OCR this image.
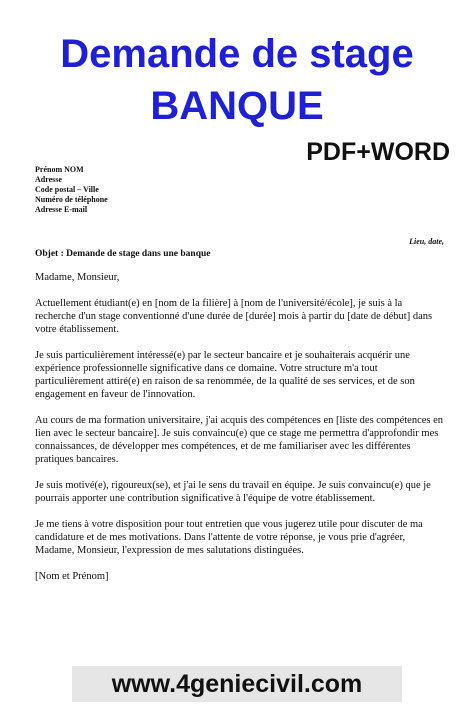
Demande de stage
BANQUE
PDF+WORD
Prénom NOM
Adresse
Code postal – Ville
Numéro de téléphone
Adresse E-mail
Lieu, date,
Objet : Demande de stage dans une banque

Madame, Monsieur,

Actuellement étudiant(e) en [nom de la filière] à [nom de l'université/école], je suis à la recherche d'un stage conventionné d'une durée de [durée] mois à partir du [date de début] dans votre établissement.

Je suis particulièrement intéressé(e) par le secteur bancaire et je souhaiterais acquérir une expérience professionnelle significative dans ce domaine. Votre structure m'a tout particulièrement attiré(e) en raison de sa renommée, de la qualité de ses services, et de son engagement en faveur de l'innovation.

Au cours de ma formation universitaire, j'ai acquis des compétences en [liste des compétences en lien avec le secteur bancaire]. Je suis convaincu(e) que ce stage me permettra d'approfondir mes connaissances, de développer mes compétences, et de me familiariser avec les différentes pratiques bancaires.

Je suis motivé(e), rigoureux(se), et j'ai le sens du travail en équipe. Je suis convaincu(e) que je pourrais apporter une contribution significative à l'équipe de votre établissement.

Je me tiens à votre disposition pour tout entretien que vous jugerez utile pour discuter de ma candidature et de mes motivations. Dans l'attente de votre réponse, je vous prie d'agréer, Madame, Monsieur, l'expression de mes salutations distinguées.

[Nom et Prénom]

www.4geniecivil.com
